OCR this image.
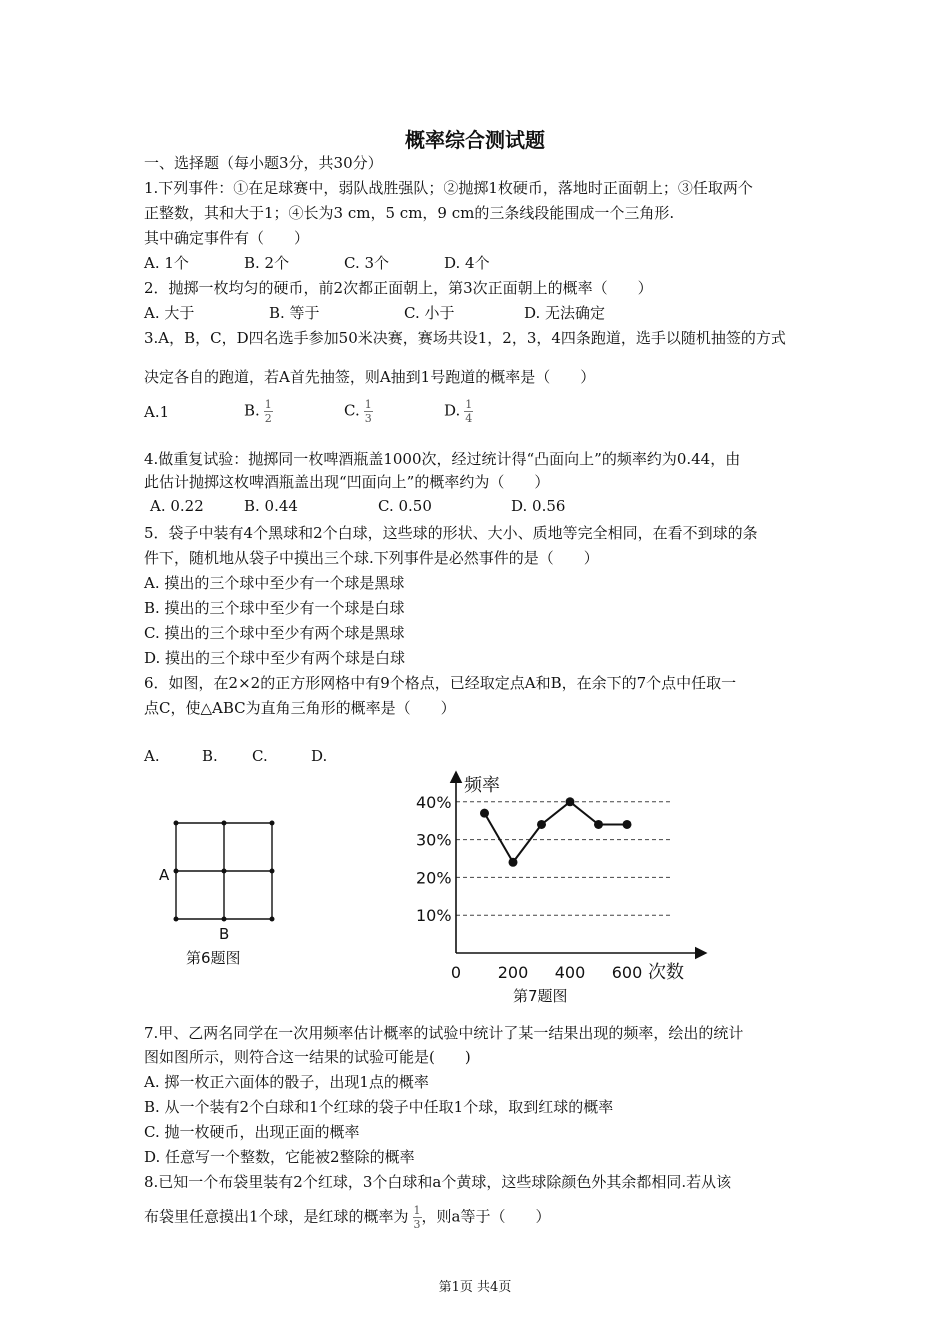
概率综合测试题
一、选择题（每小题3分，共30分）
1.下列事件：①在足球赛中，弱队战胜强队；②抛掷1枚硬币，落地时正面朝上；③任取两个
正整数，其和大于1；④长为3 cm，5 cm，9 cm的三条线段能围成一个三角形.
其中确定事件有（　　）
A. 1个	B. 2个	C. 3个	D. 4个
2．抛掷一枚均匀的硬币，前2次都正面朝上，第3次正面朝上的概率（　　）
A. 大于	B. 等于	C. 小于	D. 无法确定
3.A，B，C，D四名选手参加50米决赛，赛场共设1，2，3，4四条跑道，选手以随机抽签的方式
决定各自的跑道，若A首先抽签，则A抽到1号跑道的概率是（　　）
A.1	B. $\frac{1}{2}$	C. $\frac{1}{3}$	D. $\frac{1}{4}$
4.做重复试验：抛掷同一枚啤酒瓶盖1000次，经过统计得“凸面向上”的频率约为0.44，由
此估计抛掷这枚啤酒瓶盖出现“凹面向上”的概率约为（　　）
A. 0.22	B. 0.44	C. 0.50	D. 0.56
5．袋子中装有4个黑球和2个白球，这些球的形状、大小、质地等完全相同，在看不到球的条
件下，随机地从袋子中摸出三个球.下列事件是必然事件的是（　　）
A. 摸出的三个球中至少有一个球是黑球
B. 摸出的三个球中至少有一个球是白球
C. 摸出的三个球中至少有两个球是黑球
D. 摸出的三个球中至少有两个球是白球
6．如图，在2×2的正方形网格中有9个格点，已经取定点A和B，在余下的7个点中任取一
点C，使△ABC为直角三角形的概率是（　　）
A.	B. C.	D.
A
B
第6题图
频率
次数
10%
20%
30%
40%
0 200 400 600
第7题图
7.甲、乙两名同学在一次用频率估计概率的试验中统计了某一结果出现的频率，绘出的统计
图如图所示，则符合这一结果的试验可能是(　　)
A. 掷一枚正六面体的骰子，出现1点的概率
B. 从一个装有2个白球和1个红球的袋子中任取1个球，取到红球的概率
C. 抛一枚硬币，出现正面的概率
D. 任意写一个整数，它能被2整除的概率
8.已知一个布袋里装有2个红球，3个白球和a个黄球，这些球除颜色外其余都相同.若从该
布袋里任意摸出1个球，是红球的概率为 $\frac{1}{3}$ ，则a等于（　　）
第1页 共4页
